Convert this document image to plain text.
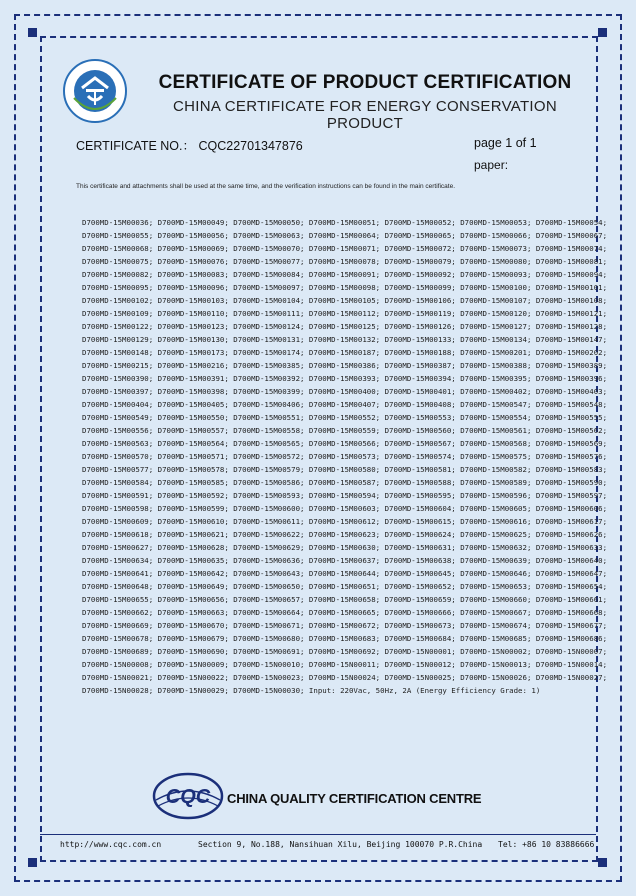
CERTIFICATE OF PRODUCT CERTIFICATION
CHINA CERTIFICATE FOR ENERGY CONSERVATION PRODUCT
CERTIFICATE NO.： CQC22701347876	page 1 of 1
paper:
This certificate and attachments shall be used at the same time, and the verification instructions can be found in the main certificate.
D700MD-15M00036; D700MD-15M00049; D700MD-15M00050; D700MD-15M00051; D700MD-15M00052; D700MD-15M00053; D700MD-15M00054;
D700MD-15M00055; D700MD-15M00056; D700MD-15M00063; D700MD-15M00064; D700MD-15M00065; D700MD-15M00066; D700MD-15M00067;
D700MD-15M00068; D700MD-15M00069; D700MD-15M00070; D700MD-15M00071; D700MD-15M00072; D700MD-15M00073; D700MD-15M00074;
D700MD-15M00075; D700MD-15M00076; D700MD-15M00077; D700MD-15M00078; D700MD-15M00079; D700MD-15M00080; D700MD-15M00081;
D700MD-15M00082; D700MD-15M00083; D700MD-15M00084; D700MD-15M00091; D700MD-15M00092; D700MD-15M00093; D700MD-15M00094;
D700MD-15M00095; D700MD-15M00096; D700MD-15M00097; D700MD-15M00098; D700MD-15M00099; D700MD-15M00100; D700MD-15M00101;
D700MD-15M00102; D700MD-15M00103; D700MD-15M00104; D700MD-15M00105; D700MD-15M00106; D700MD-15M00107; D700MD-15M00108;
D700MD-15M00109; D700MD-15M00110; D700MD-15M00111; D700MD-15M00112; D700MD-15M00119; D700MD-15M00120; D700MD-15M00121;
D700MD-15M00122; D700MD-15M00123; D700MD-15M00124; D700MD-15M00125; D700MD-15M00126; D700MD-15M00127; D700MD-15M00128;
D700MD-15M00129; D700MD-15M00130; D700MD-15M00131; D700MD-15M00132; D700MD-15M00133; D700MD-15M00134; D700MD-15M00147;
D700MD-15M00148; D700MD-15M00173; D700MD-15M00174; D700MD-15M00187; D700MD-15M00188; D700MD-15M00201; D700MD-15M00202;
D700MD-15M00215; D700MD-15M00216; D700MD-15M00385; D700MD-15M00386; D700MD-15M00387; D700MD-15M00388; D700MD-15M00389;
D700MD-15M00390; D700MD-15M00391; D700MD-15M00392; D700MD-15M00393; D700MD-15M00394; D700MD-15M00395; D700MD-15M00396;
D700MD-15M00397; D700MD-15M00398; D700MD-15M00399; D700MD-15M00400; D700MD-15M00401; D700MD-15M00402; D700MD-15M00403;
D700MD-15M00404; D700MD-15M00405; D700MD-15M00406; D700MD-15M00407; D700MD-15M00408; D700MD-15M00547; D700MD-15M00548;
D700MD-15M00549; D700MD-15M00550; D700MD-15M00551; D700MD-15M00552; D700MD-15M00553; D700MD-15M00554; D700MD-15M00555;
D700MD-15M00556; D700MD-15M00557; D700MD-15M00558; D700MD-15M00559; D700MD-15M00560; D700MD-15M00561; D700MD-15M00562;
D700MD-15M00563; D700MD-15M00564; D700MD-15M00565; D700MD-15M00566; D700MD-15M00567; D700MD-15M00568; D700MD-15M00569;
D700MD-15M00570; D700MD-15M00571; D700MD-15M00572; D700MD-15M00573; D700MD-15M00574; D700MD-15M00575; D700MD-15M00576;
D700MD-15M00577; D700MD-15M00578; D700MD-15M00579; D700MD-15M00580; D700MD-15M00581; D700MD-15M00582; D700MD-15M00583;
D700MD-15M00584; D700MD-15M00585; D700MD-15M00586; D700MD-15M00587; D700MD-15M00588; D700MD-15M00589; D700MD-15M00590;
D700MD-15M00591; D700MD-15M00592; D700MD-15M00593; D700MD-15M00594; D700MD-15M00595; D700MD-15M00596; D700MD-15M00597;
D700MD-15M00598; D700MD-15M00599; D700MD-15M00600; D700MD-15M00603; D700MD-15M00604; D700MD-15M00605; D700MD-15M00606;
D700MD-15M00609; D700MD-15M00610; D700MD-15M00611; D700MD-15M00612; D700MD-15M00615; D700MD-15M00616; D700MD-15M00617;
D700MD-15M00618; D700MD-15M00621; D700MD-15M00622; D700MD-15M00623; D700MD-15M00624; D700MD-15M00625; D700MD-15M00626;
D700MD-15M00627; D700MD-15M00628; D700MD-15M00629; D700MD-15M00630; D700MD-15M00631; D700MD-15M00632; D700MD-15M00633;
D700MD-15M00634; D700MD-15M00635; D700MD-15M00636; D700MD-15M00637; D700MD-15M00638; D700MD-15M00639; D700MD-15M00640;
D700MD-15M00641; D700MD-15M00642; D700MD-15M00643; D700MD-15M00644; D700MD-15M00645; D700MD-15M00646; D700MD-15M00647;
D700MD-15M00648; D700MD-15M00649; D700MD-15M00650; D700MD-15M00651; D700MD-15M00652; D700MD-15M00653; D700MD-15M00654;
D700MD-15M00655; D700MD-15M00656; D700MD-15M00657; D700MD-15M00658; D700MD-15M00659; D700MD-15M00660; D700MD-15M00661;
D700MD-15M00662; D700MD-15M00663; D700MD-15M00664; D700MD-15M00665; D700MD-15M00666; D700MD-15M00667; D700MD-15M00668;
D700MD-15M00669; D700MD-15M00670; D700MD-15M00671; D700MD-15M00672; D700MD-15M00673; D700MD-15M00674; D700MD-15M00677;
D700MD-15M00678; D700MD-15M00679; D700MD-15M00680; D700MD-15M00683; D700MD-15M00684; D700MD-15M00685; D700MD-15M00686;
D700MD-15M00689; D700MD-15M00690; D700MD-15M00691; D700MD-15M00692; D700MD-15N00001; D700MD-15N00002; D700MD-15N00007;
D700MD-15N00008; D700MD-15N00009; D700MD-15N00010; D700MD-15N00011; D700MD-15N00012; D700MD-15N00013; D700MD-15N00014;
D700MD-15N00021; D700MD-15N00022; D700MD-15N00023; D700MD-15N00024; D700MD-15N00025; D700MD-15N00026; D700MD-15N00027;
D700MD-15N00028; D700MD-15N00029; D700MD-15N00030; Input: 220Vac, 50Hz, 2A (Energy Efficiency Grade: 1)
CQC CHINA QUALITY CERTIFICATION CENTRE
http://www.cqc.com.cn	Section 9, No.188, Nansihuan Xilu, Beijing 100070 P.R.China Tel: +86 10 83886666
